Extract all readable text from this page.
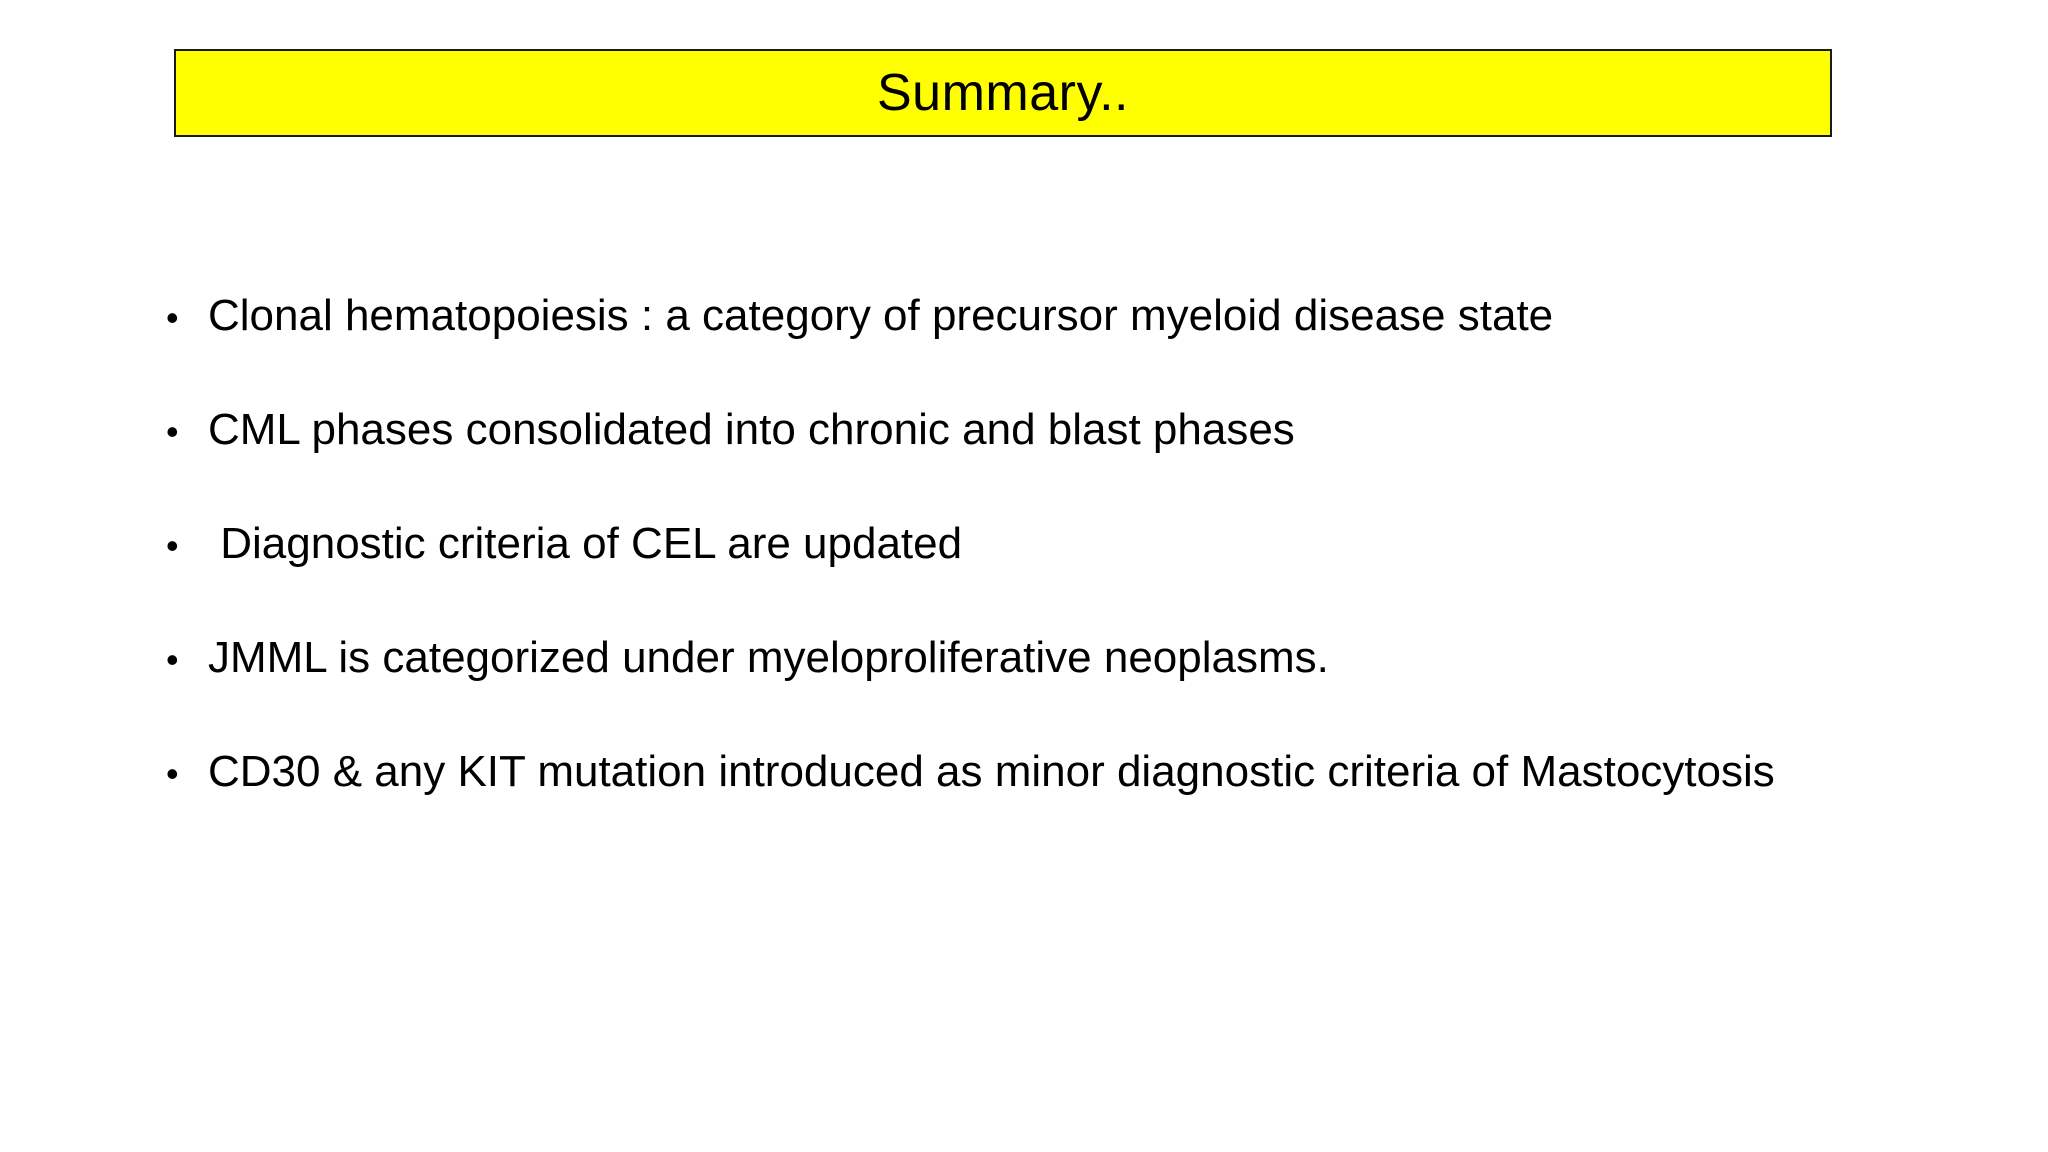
Summary..
• Clonal hematopoiesis : a category of precursor myeloid disease state
• CML phases consolidated into chronic and blast phases
• Diagnostic criteria of CEL are updated
• JMML is categorized under myeloproliferative neoplasms.
• CD30 & any KIT mutation introduced as minor diagnostic criteria of Mastocytosis
